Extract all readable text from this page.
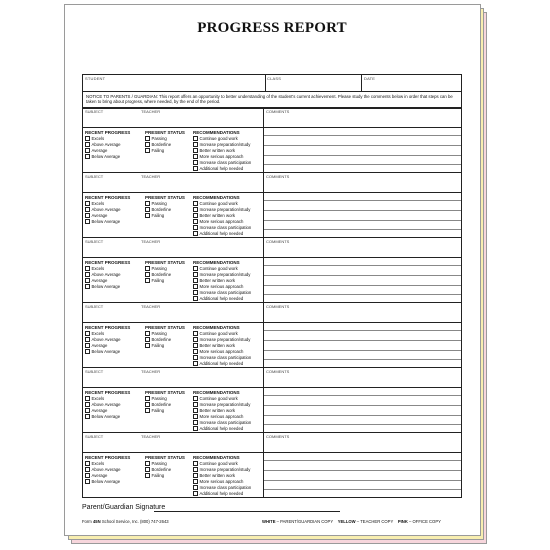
PROGRESS REPORT
STUDENT	CLASS	DATE
NOTICE TO PARENTS / GUARDIAN: This report offers an opportunity to better understanding of the student's current achievement. Please study the comments below in order that steps can be taken to bring about progress, where needed, by the end of the period.
SUBJECT	TEACHER	COMMENTS
RECENT PROGRESS	PRESENT STATUS RECOMMENDATIONS
Excels
Above Average
Average
Below Average
Passing
Borderline
Failing
Continue good work
Increase preparation/study
Better written work
More serious approach
Increase class participation
Additional help needed
SUBJECT	TEACHER	COMMENTS
RECENT PROGRESS	PRESENT STATUS RECOMMENDATIONS
Excels
Above Average
Average
Below Average
Passing
Borderline
Failing
Continue good work
Increase preparation/study
Better written work
More serious approach
Increase class participation
Additional help needed
SUBJECT	TEACHER	COMMENTS
RECENT PROGRESS	PRESENT STATUS RECOMMENDATIONS
Excels
Above Average
Average
Below Average
Passing
Borderline
Failing
Continue good work
Increase preparation/study
Better written work
More serious approach
Increase class participation
Additional help needed
SUBJECT	TEACHER	COMMENTS
RECENT PROGRESS	PRESENT STATUS RECOMMENDATIONS
Excels
Above Average
Average
Below Average
Passing
Borderline
Failing
Continue good work
Increase preparation/study
Better written work
More serious approach
Increase class participation
Additional help needed
SUBJECT	TEACHER	COMMENTS
RECENT PROGRESS	PRESENT STATUS RECOMMENDATIONS
Excels
Above Average
Average
Below Average
Passing
Borderline
Failing
Continue good work
Increase preparation/study
Better written work
More serious approach
Increase class participation
Additional help needed
SUBJECT	TEACHER	COMMENTS
RECENT PROGRESS	PRESENT STATUS RECOMMENDATIONS
Excels
Above Average
Average
Below Average
Passing
Borderline
Failing
Continue good work
Increase preparation/study
Better written work
More serious approach
Increase class participation
Additional help needed
Parent/Guardian Signature
Form 45N School Service, Inc. (800) 747-2643	WHITE – PARENT/GUARDIAN COPY YELLOW – TEACHER COPY PINK – OFFICE COPY
